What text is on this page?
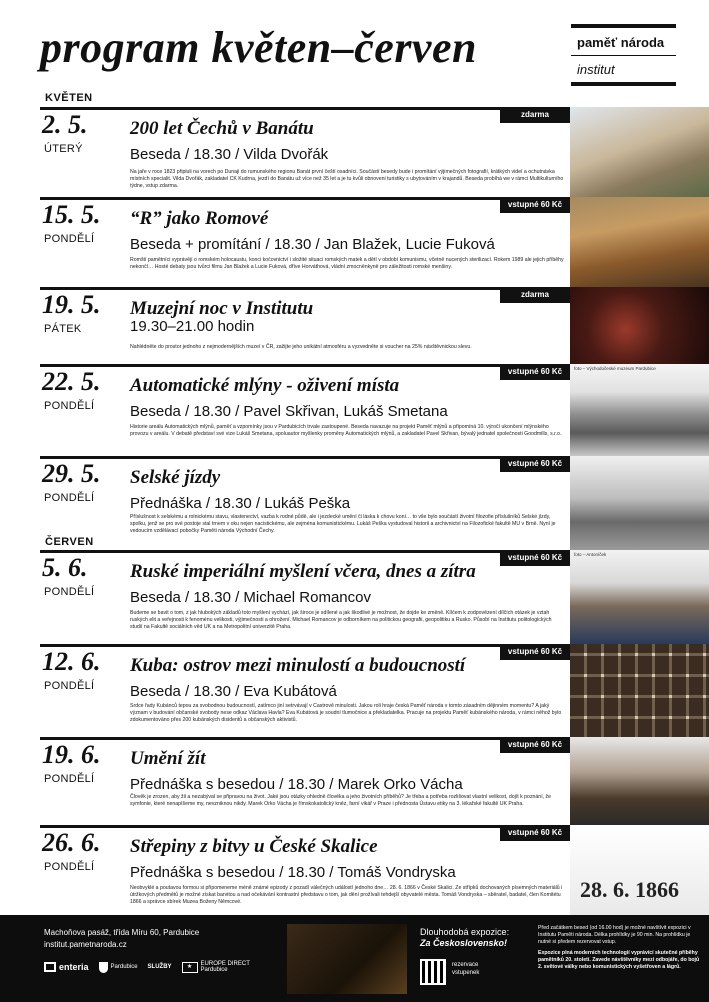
program květen–červen	paměť národa
institut
KVĚTEN
ČERVEN
2. 5.
ÚTERÝ
200 let Čechů v Banátu
Beseda / 18.30 / Vilda Dvořák
Na jaře v roce 1823 připluli na vorech po Dunaji do rumunského regionu Banát první čeští osadníci. Součástí besedy bude i promítání výjimečných fotografií, krátkých videí a ochutnávka místních specialit. Vilda Dvořák, zakladatel CK Kudrna, jezdí do Banátu už více než 35 let a je tu kvůli obnoveni turistiky s ubytováním v krajandů. Beseda probíhá we v rámci Multikulturního týdne, vstup zdarma.
zdarma
15. 5.
PONDĚLÍ
“R” jako Romové
Beseda + promítání / 18.30 / Jan Blažek, Lucie Fuková
Romští pamětníci vyprávějí o romském holocaustu, konci kočovnictví i složité situaci romských matek a dětí v období komunismu, včetně nucených sterilizací. Rokem 1989 ale jejich příběhy nekončí… Hosté debaty jsou tvůrci filmu Jan Blažek a Lucie Fuková, dříve Horváthová, vládní zmocněnkyně pro záležitosti romské menšiny.
vstupné 60 Kč
19. 5.
PÁTEK
Muzejní noc v Institutu
19.30–21.00 hodin
Nahlédněte do prostor jednoho z nejmodernějších muzeí v ČR, zažijte jeho unikátní atmosféru a vyzvedněte si voucher na 25% návštěvnickou slevu.
zdarma
22. 5.
PONDĚLÍ
Automatické mlýny - oživení místa
Beseda / 18.30 / Pavel Skřivan, Lukáš Smetana
Historie areálu Automatických mlýnů, paměť a vzpomínky jsou v Pardubicích trvale zastoupené. Beseda navazuje na projekt Paměť mlýnů a připomíná 10. výročí ukončení mlýnského provozu v areálu. V debatě představí své vize Lukáš Smetana, spoluautor myšlenky proměny Automatických mlýnů, a zakladatel Pavel Skřivan, bývalý jednatel společnosti Goodmills, s.r.o.
vstupné 60 Kč	foto – Východočeské muzeum Pardubice
29. 5.
PONDĚLÍ
Selské jízdy
Přednáška / 18.30 / Lukáš Peška
Příslušnost k selskému a rolnickému stavu, vlastenectví, vazba k rodné půdě, ale i jezdecké umění či láska k chovu koní… to vše bylo součástí životní filozofie příslušníků Selské jízdy, spolku, jenž se pro své postoje stal trnem v oku nejen nacistickému, ale zejména komunistickému. Lukáš Peška vystudoval historii a archivnictví na Filozofické fakultě MU v Brně. Nyní je vedoucím vzdělávací pobočky Paměti národa Východní Čechy.
vstupné 60 Kč
5. 6.
PONDĚLÍ
Ruské imperiální myšlení včera, dnes a zítra
Beseda / 18.30 / Michael Romancov
Budeme se bavit o tom, z jak hlubokých základů toto myšlení vychází, jak široce je sdílené a jak škodlivé je možnost, že dojde ke změně. Klíčem k zodpovězení dílčích otázek je vztah ruských elit a veřejnosti k fenoménu velikosti, výjimečnosti a ohrožení. Michael Romancov je odborníkem na politickou geografii, geopolitiku a Rusko. Působí na Institutu politologických studií na Fakultě sociálních věd UK a na Metropolitní univerzitě Praha.
vstupné 60 Kč	foto – Antoníček
12. 6.
PONDĚLÍ
Kuba: ostrov mezi minulostí a budoucností
Beseda / 18.30 / Eva Kubátová
Srdce řady Kubánců tepou za svobodnou budoucností, zatímco jiní setrvávají v Castrově minulosti. Jakou roli hraje česká Paměť národa v tomto zásadním dějinném momentu? A jaký význam v budování občanské svobody nese odkaz Václava Havla? Eva Kubátová je soudní tlumočnice a překladatelka. Pracuje na projektu Paměť kubánského národa, v rámci něhož bylo zdokumentováno přes 200 kubánských disidentů a občanských aktivistů.
vstupné 60 Kč
19. 6.
PONDĚLÍ
Umění žít
Přednáška s besedou / 18.30 / Marek Orko Vácha
Člověk je zrozen, aby žil a nezabýval se připravou na život. Jaké jsou otázky ohledně člověka a jeho životních příběhů? Je třeba a potřeba rozlišovat vlastní velikost, dojít k poznání, že symfonie, které nenapíšeme my, nevzniknou nikdy. Marek Orko Vácha je římskokatolický kněz, farní vikář v Praze i přednosta Ústavu etiky na 3. lékařské fakultě UK Praha.
vstupné 60 Kč
26. 6.
PONDĚLÍ
Střepiny z bitvy u České Skalice
Přednáška s besedou / 18.30 / Tomáš Vondryska
Neobvyklé a poutavou formou si připomeneme méně známé epizody z pozadí válečných událostí jednoho dne… 28. 6. 1866 v České Skalici. Ze střípků dochovaných písemných materiálů i útržkových předmětů je možné získat barvitou a nad očekávání kontrastní představu o tom, jak dění prožívali tehdejší obyvatelé města. Tomáš Vondryska – sběratel, badatel, člen Komitétu 1866 a správce sbírek Muzea Boženy Němcové.
vstupné 60 Kč
28. 6. 1866
Machoňova pasáž, třída Míru 60, Pardubice
institut.pametnaroda.cz
enteria	Pardubice SLUŽBY	★	EUROPE DIRECT Pardubice
Dlouhodobá expozice:
Za Československo!
rezervace
vstupenek

Před začátkem besed (od 16.00 hod) je možné navštívit expozici v Institutu Paměti národa. Délka prohlídky je 90 min. Na prohlídku je nutné si předem rezervovat vstup.

Expozice plná moderních technologií vyprávící skutečné příběhy pamětníků 20. století. Zavede návštěvníky mezi odbojáře, do bojů 2. světové války nebo komunistických vyšetřoven a lágrů.
